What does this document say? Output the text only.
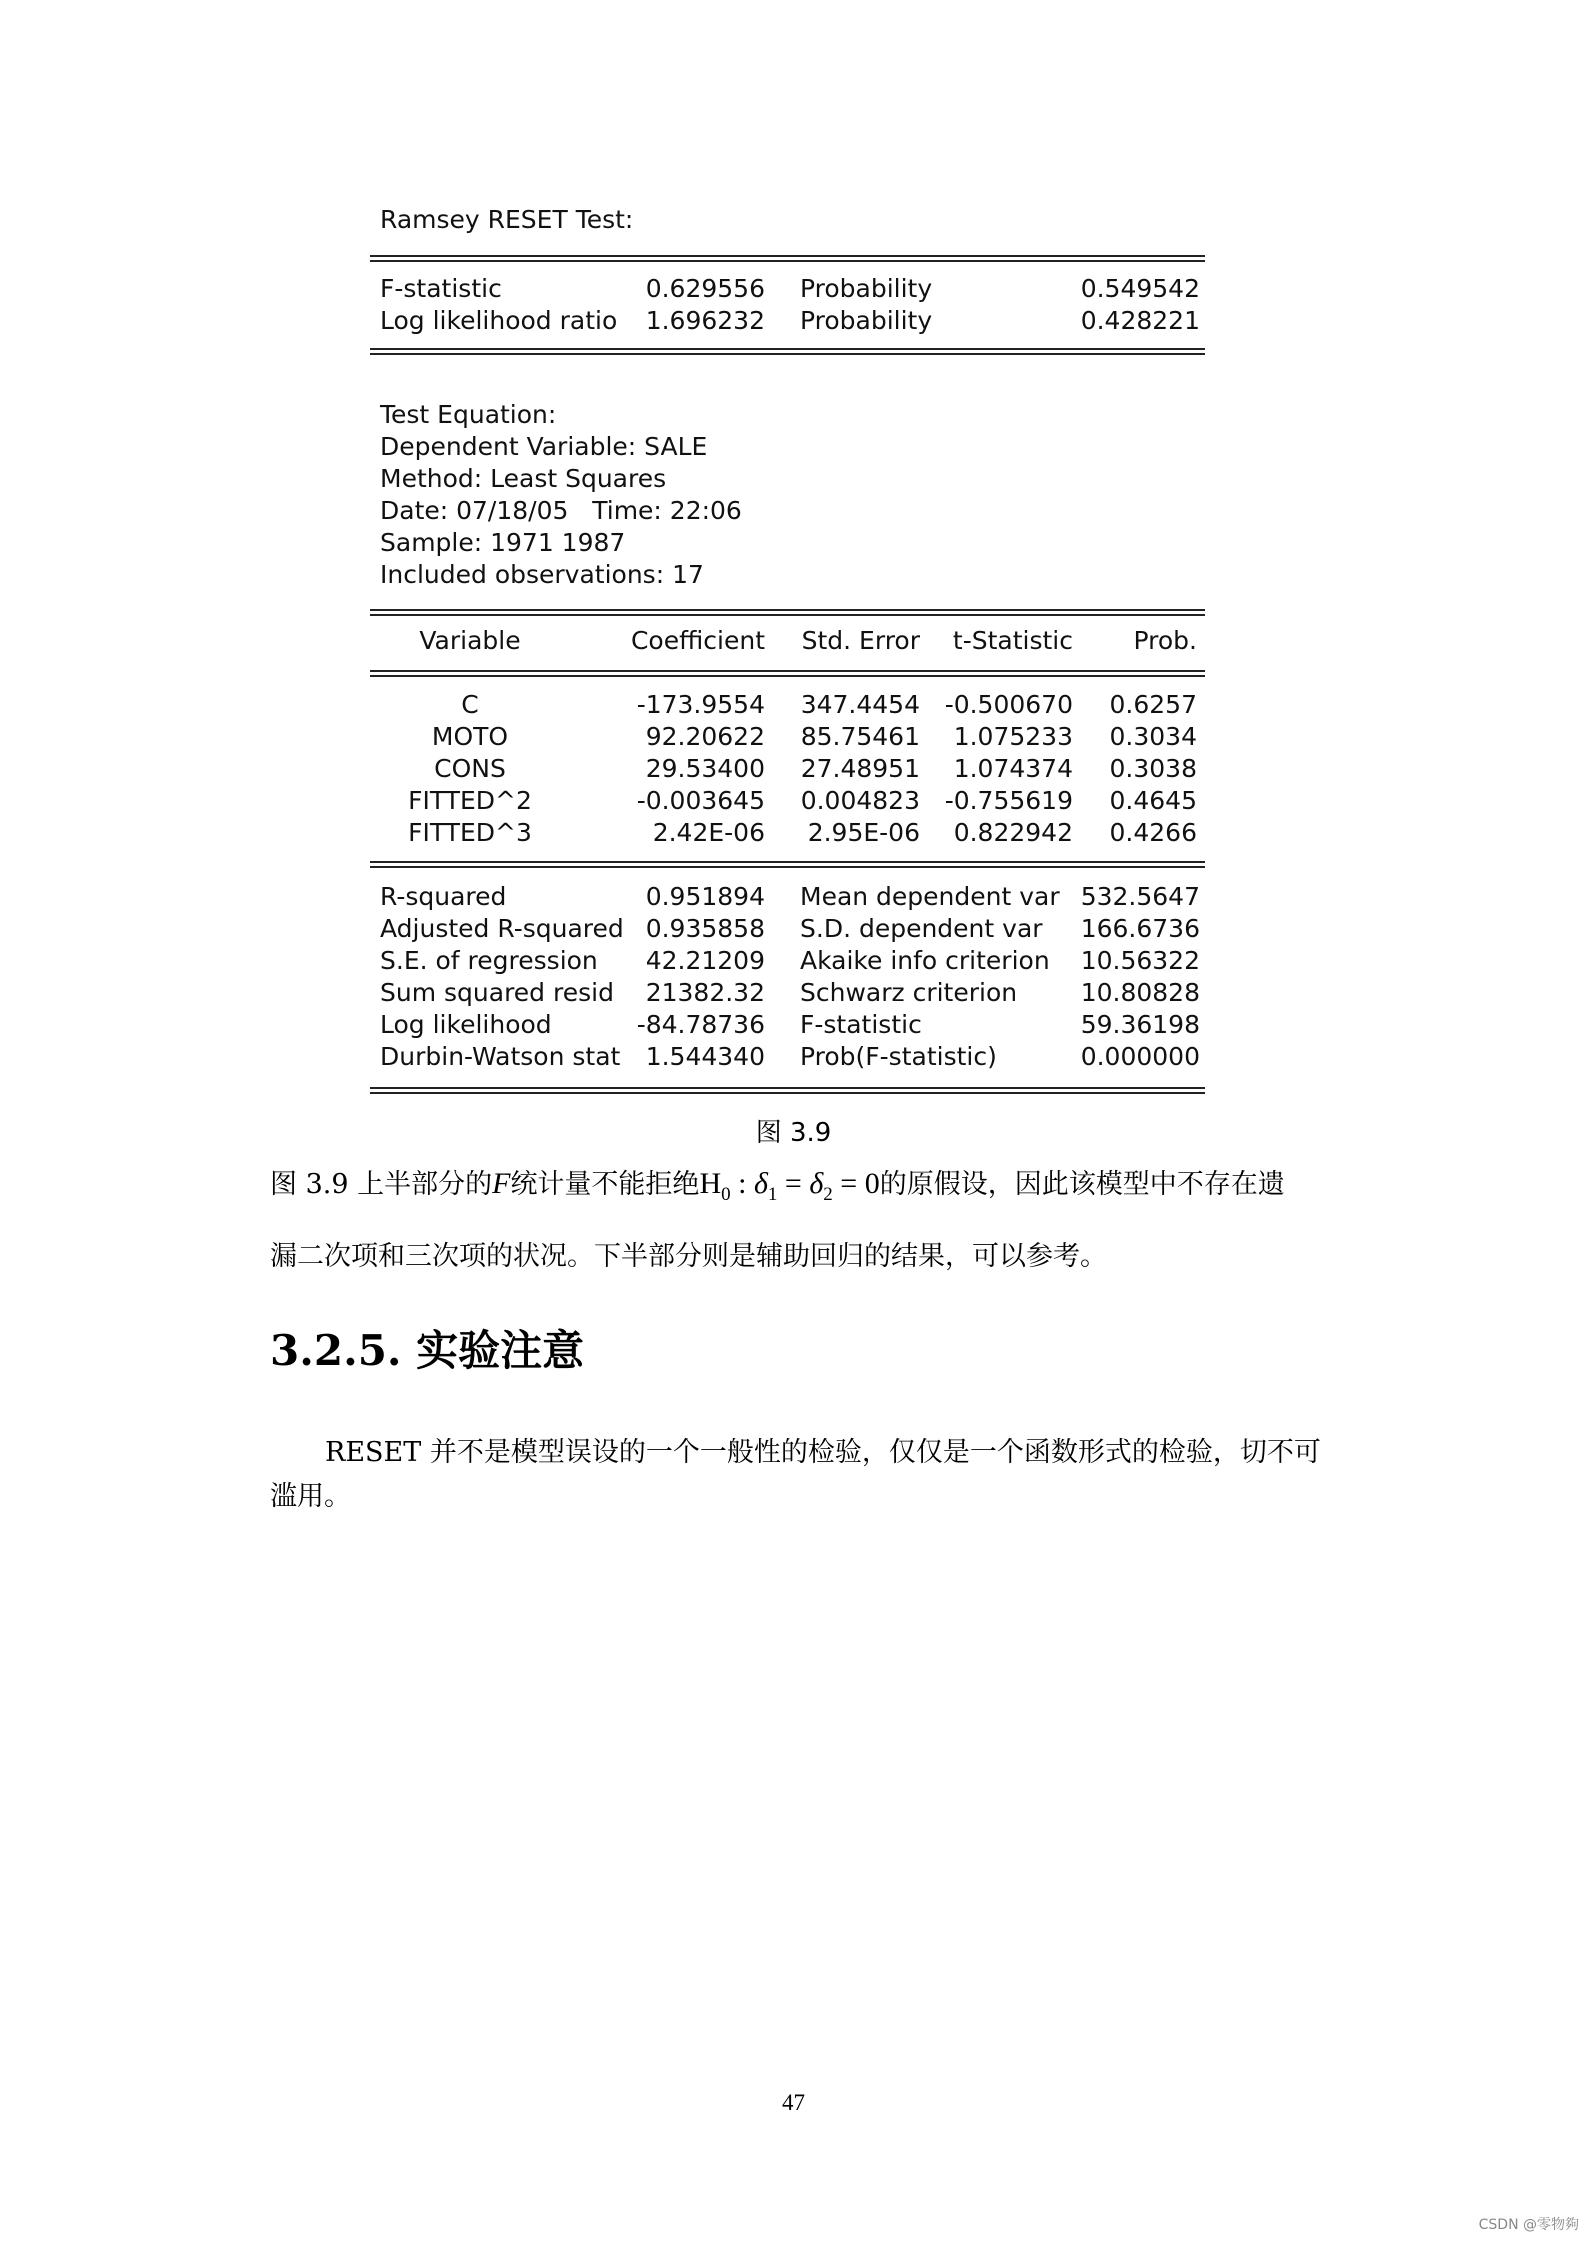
Ramsey RESET Test:
F-statistic	0.629556 Probability	0.549542
Log likelihood ratio	1.696232 Probability	0.428221
Test Equation:
Dependent Variable: SALE
Method: Least Squares
Date: 07/18/05   Time: 22:06
Sample: 1971 1987
Included observations: 17
Variable	Coefficient	Std. Error	t-Statistic	Prob.
C	-173.9554	347.4454 -0.500670	0.6257
MOTO	92.20622	85.75461	1.075233	0.3034
CONS	29.53400	27.48951	1.074374	0.3038
FITTED^2	-0.003645	0.004823 -0.755619	0.4645
FITTED^3	2.42E-06	2.95E-06	0.822942	0.4266
R-squared	0.951894 Mean dependent var 532.5647
Adjusted R-squared 0.935858 S.D. dependent var	166.6736
S.E. of regression	42.21209 Akaike info criterion	10.56322
Sum squared resid	21382.32 Schwarz criterion	10.80828
Log likelihood	-84.78736 F-statistic	59.36198
Durbin-Watson stat	1.544340 Prob(F-statistic)	0.000000
图 3.9
图 3.9 上半部分的F统计量不能拒绝$H_0$ : $\delta_1 = \delta_2 = 0$的原假设，因此该模型中不存在遗
漏二次项和三次项的状况。下半部分则是辅助回归的结果，可以参考。
3.2.5. 实验注意
RESET 并不是模型误设的一个一般性的检验，仅仅是一个函数形式的检验，切不可
滥用。
47
CSDN @零物夠
